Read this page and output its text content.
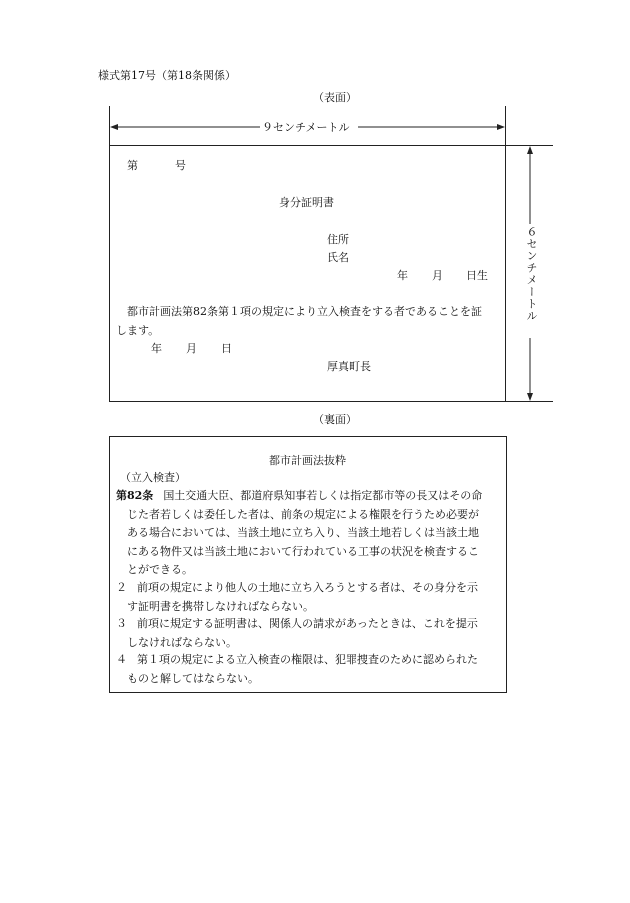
様式第17号（第18条関係）
（表面）
９センチメートル
６センチメートル
第	号
身分証明書
住所
氏名
年 月 日生
都市計画法第82条第１項の規定により立入検査をする者であることを証
します。
年 月 日
厚真町長
（裏面）
都市計画法抜粋
（立入検査）
第82条 国土交通大臣、都道府県知事若しくは指定都市等の長又はその命
じた者若しくは委任した者は、前条の規定による権限を行うため必要が
ある場合においては、当該土地に立ち入り、当該土地若しくは当該土地
にある物件又は当該土地において行われている工事の状況を検査するこ
とができる。
２ 前項の規定により他人の土地に立ち入ろうとする者は、その身分を示
す証明書を携帯しなければならない。
３ 前項に規定する証明書は、関係人の請求があったときは、これを提示
しなければならない。
４ 第１項の規定による立入検査の権限は、犯罪捜査のために認められた
ものと解してはならない。
